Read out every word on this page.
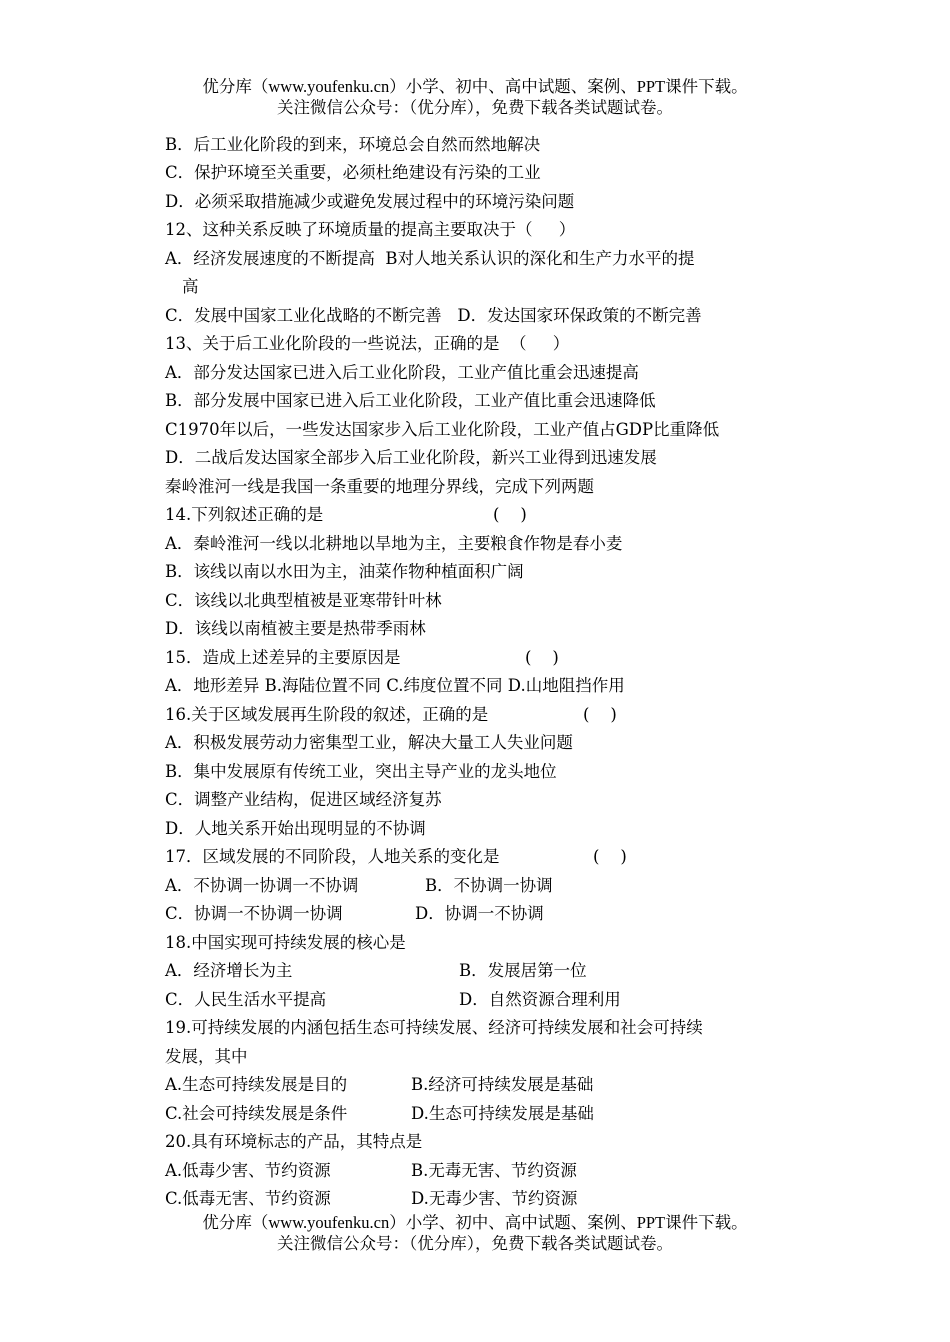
优分库（www.youfenku.cn）小学、初中、高中试题、案例、PPT课件下载。
关注微信公众号：（优分库），免费下载各类试题试卷。
B．后工业化阶段的到来，环境总会自然而然地解决
C．保护环境至关重要，必须杜绝建设有污染的工业
D．必须采取措施减少或避免发展过程中的环境污染问题
12、这种关系反映了环境质量的提高主要取决于（     ）
A．经济发展速度的不断提高  B对人地关系认识的深化和生产力水平的提
高
C．发展中国家工业化战略的不断完善   D．发达国家环保政策的不断完善
13、关于后工业化阶段的一些说法，正确的是  （     ）
A．部分发达国家已进入后工业化阶段，工业产值比重会迅速提高
B．部分发展中国家已进入后工业化阶段，工业产值比重会迅速降低
C1970年以后，一些发达国家步入后工业化阶段，工业产值占GDP比重降低
D．二战后发达国家全部步入后工业化阶段，新兴工业得到迅速发展
秦岭淮河一线是我国一条重要的地理分界线，完成下列两题
14.下列叙述正确的是	(    )
A．秦岭淮河一线以北耕地以旱地为主，主要粮食作物是春小麦
B．该线以南以水田为主，油菜作物种植面积广阔
C．该线以北典型植被是亚寒带针叶林
D．该线以南植被主要是热带季雨林
15．造成上述差异的主要原因是	(    )
A．地形差异 B.海陆位置不同 C.纬度位置不同 D.山地阻挡作用
16.关于区域发展再生阶段的叙述，正确的是	(    )
A．积极发展劳动力密集型工业，解决大量工人失业问题
B．集中发展原有传统工业，突出主导产业的龙头地位
C．调整产业结构，促进区域经济复苏
D．人地关系开始出现明显的不协调
17．区域发展的不同阶段，人地关系的变化是	(    )
A．不协调一协调一不协调	B．不协调一协调
C．协调一不协调一协调	D．协调一不协调
18.中国实现可持续发展的核心是
A．经济增长为主	B．发展居第一位
C．人民生活水平提高	D．自然资源合理利用
19.可持续发展的内涵包括生态可持续发展、经济可持续发展和社会可持续
发展，其中
A.生态可持续发展是目的	B.经济可持续发展是基础
C.社会可持续发展是条件	D.生态可持续发展是基础
20.具有环境标志的产品，其特点是
A.低毒少害、节约资源	B.无毒无害、节约资源
C.低毒无害、节约资源	D.无毒少害、节约资源
优分库（www.youfenku.cn）小学、初中、高中试题、案例、PPT课件下载。
关注微信公众号：（优分库），免费下载各类试题试卷。
